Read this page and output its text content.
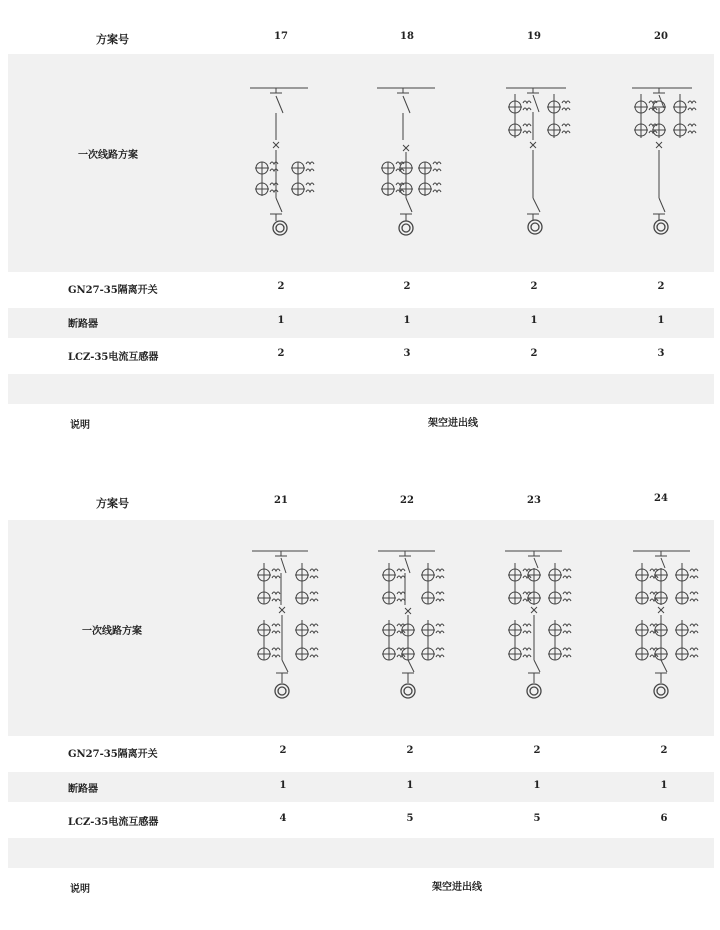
方案号	17	18	19	20
一次线路方案
GN27-35隔离开关	2	2	2	2
断路器	1	1	1	1
LCZ-35电流互感器	2	3	2	3
说明	架空进出线
方案号	21	22	23	24
一次线路方案
GN27-35隔离开关	2	2	2	2
断路器	1	1	1	1
LCZ-35电流互感器	4	5	5	6
说明	架空进出线
